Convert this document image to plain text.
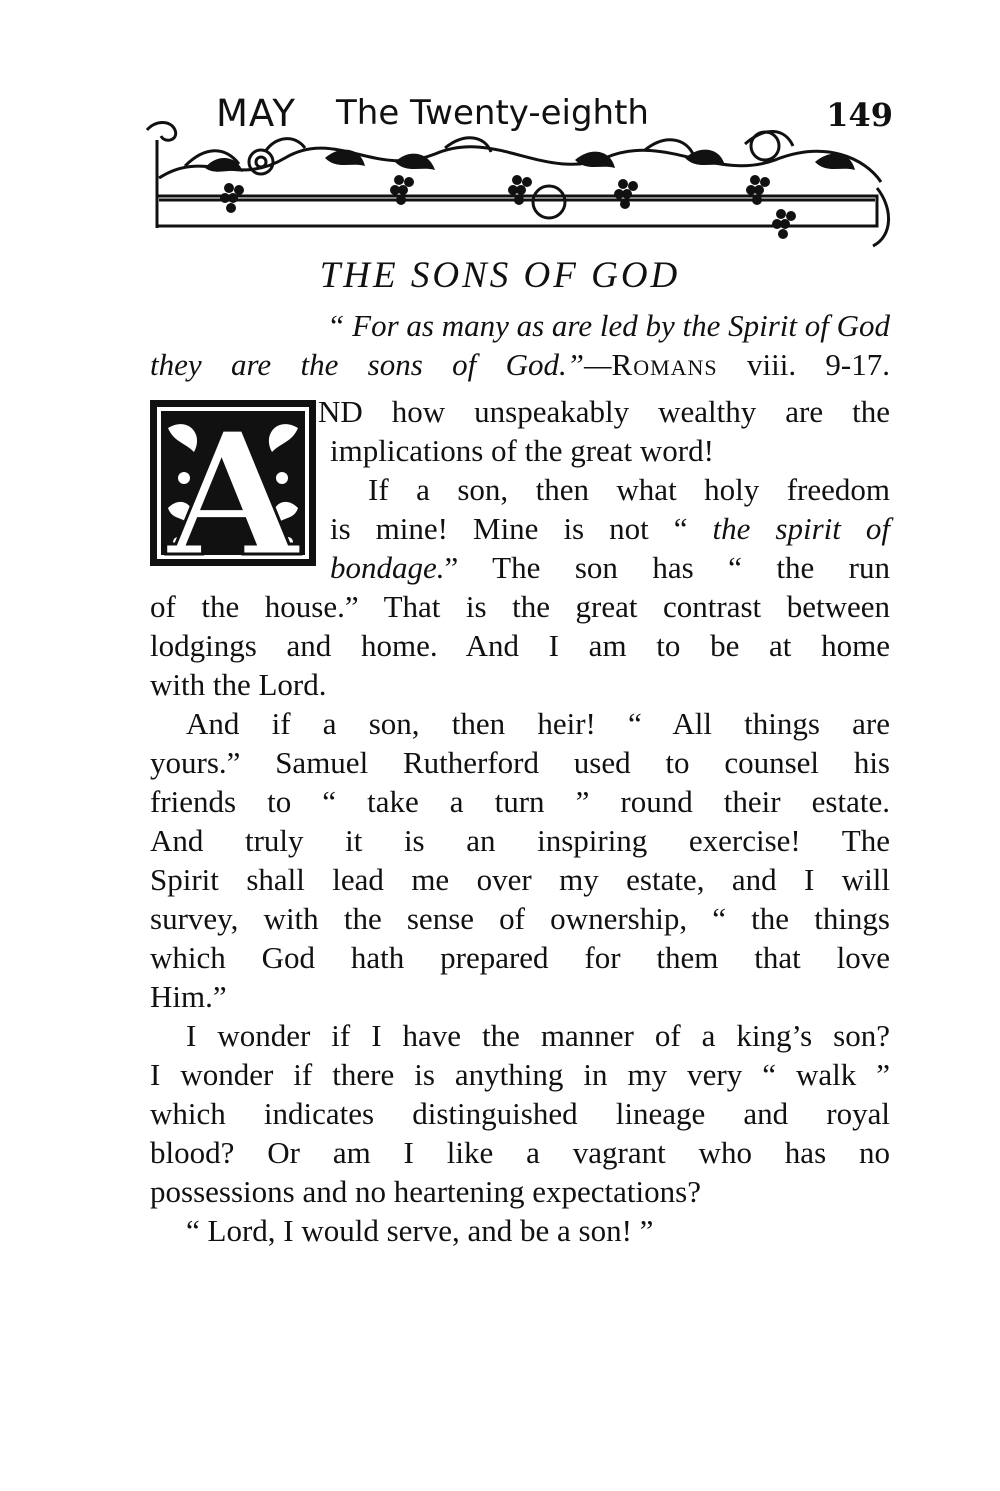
MAY The Twenty-eighth	149
THE SONS OF GOD
“ For as many as are led by the Spirit of God
they are the sons of God.”—Romans viii. 9-17.
A ND how unspeakably wealthy are the
implications of the great word!
If a son, then what holy freedom
is mine! Mine is not “ the spirit of
bondage.” The son has “ the run
of the house.” That is the great contrast between
lodgings and home. And I am to be at home
with the Lord.
And if a son, then heir! “ All things are
yours.” Samuel Rutherford used to counsel his
friends to “ take a turn ” round their estate.
And truly it is an inspiring exercise! The
Spirit shall lead me over my estate, and I will
survey, with the sense of ownership, “ the things
which God hath prepared for them that love
Him.”
I wonder if I have the manner of a king’s son?
I wonder if there is anything in my very “ walk ”
which indicates distinguished lineage and royal
blood? Or am I like a vagrant who has no
possessions and no heartening expectations?
“ Lord, I would serve, and be a son! ”
